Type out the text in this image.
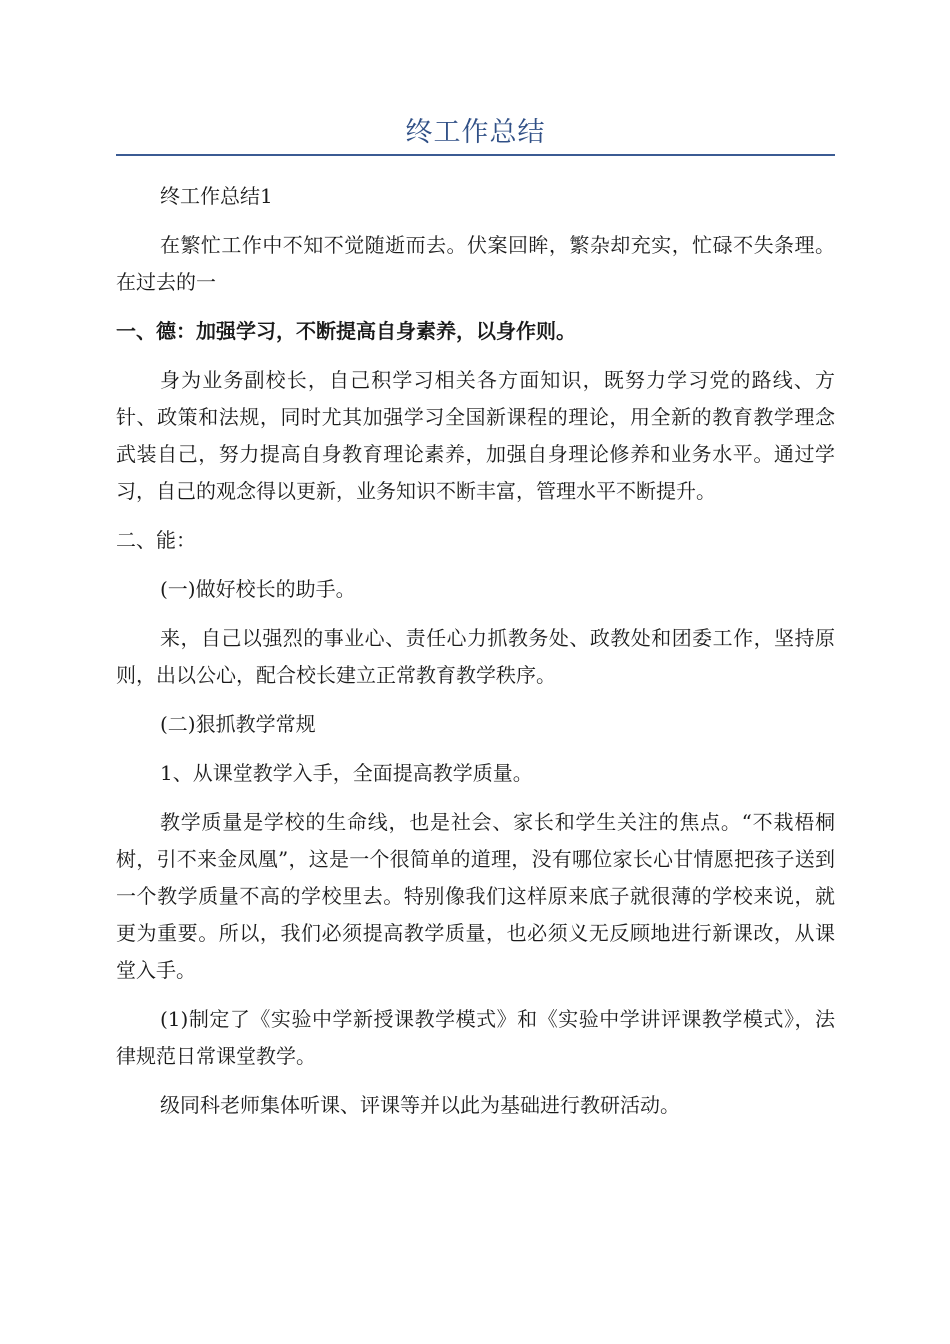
终工作总结

终工作总结1

在繁忙工作中不知不觉随逝而去。伏案回眸，繁杂却充实，忙碌不失条理。在过去的一

一、德：加强学习，不断提高自身素养，以身作则。

身为业务副校长，自己积学习相关各方面知识，既努力学习党的路线、方针、政策和法规，同时尤其加强学习全国新课程的理论，用全新的教育教学理念武装自己，努力提高自身教育理论素养，加强自身理论修养和业务水平。通过学习，自己的观念得以更新，业务知识不断丰富，管理水平不断提升。

二、能：

(一)做好校长的助手。

来，自己以强烈的事业心、责任心力抓教务处、政教处和团委工作，坚持原则，出以公心，配合校长建立正常教育教学秩序。

(二)狠抓教学常规

1、从课堂教学入手，全面提高教学质量。

教学质量是学校的生命线，也是社会、家长和学生关注的焦点。“不栽梧桐树，引不来金凤凰”，这是一个很简单的道理，没有哪位家长心甘情愿把孩子送到一个教学质量不高的学校里去。特别像我们这样原来底子就很薄的学校来说，就更为重要。所以，我们必须提高教学质量，也必须义无反顾地进行新课改，从课堂入手。

(1)制定了《实验中学新授课教学模式》和《实验中学讲评课教学模式》，法律规范日常课堂教学。

级同科老师集体听课、评课等并以此为基础进行教研活动。
